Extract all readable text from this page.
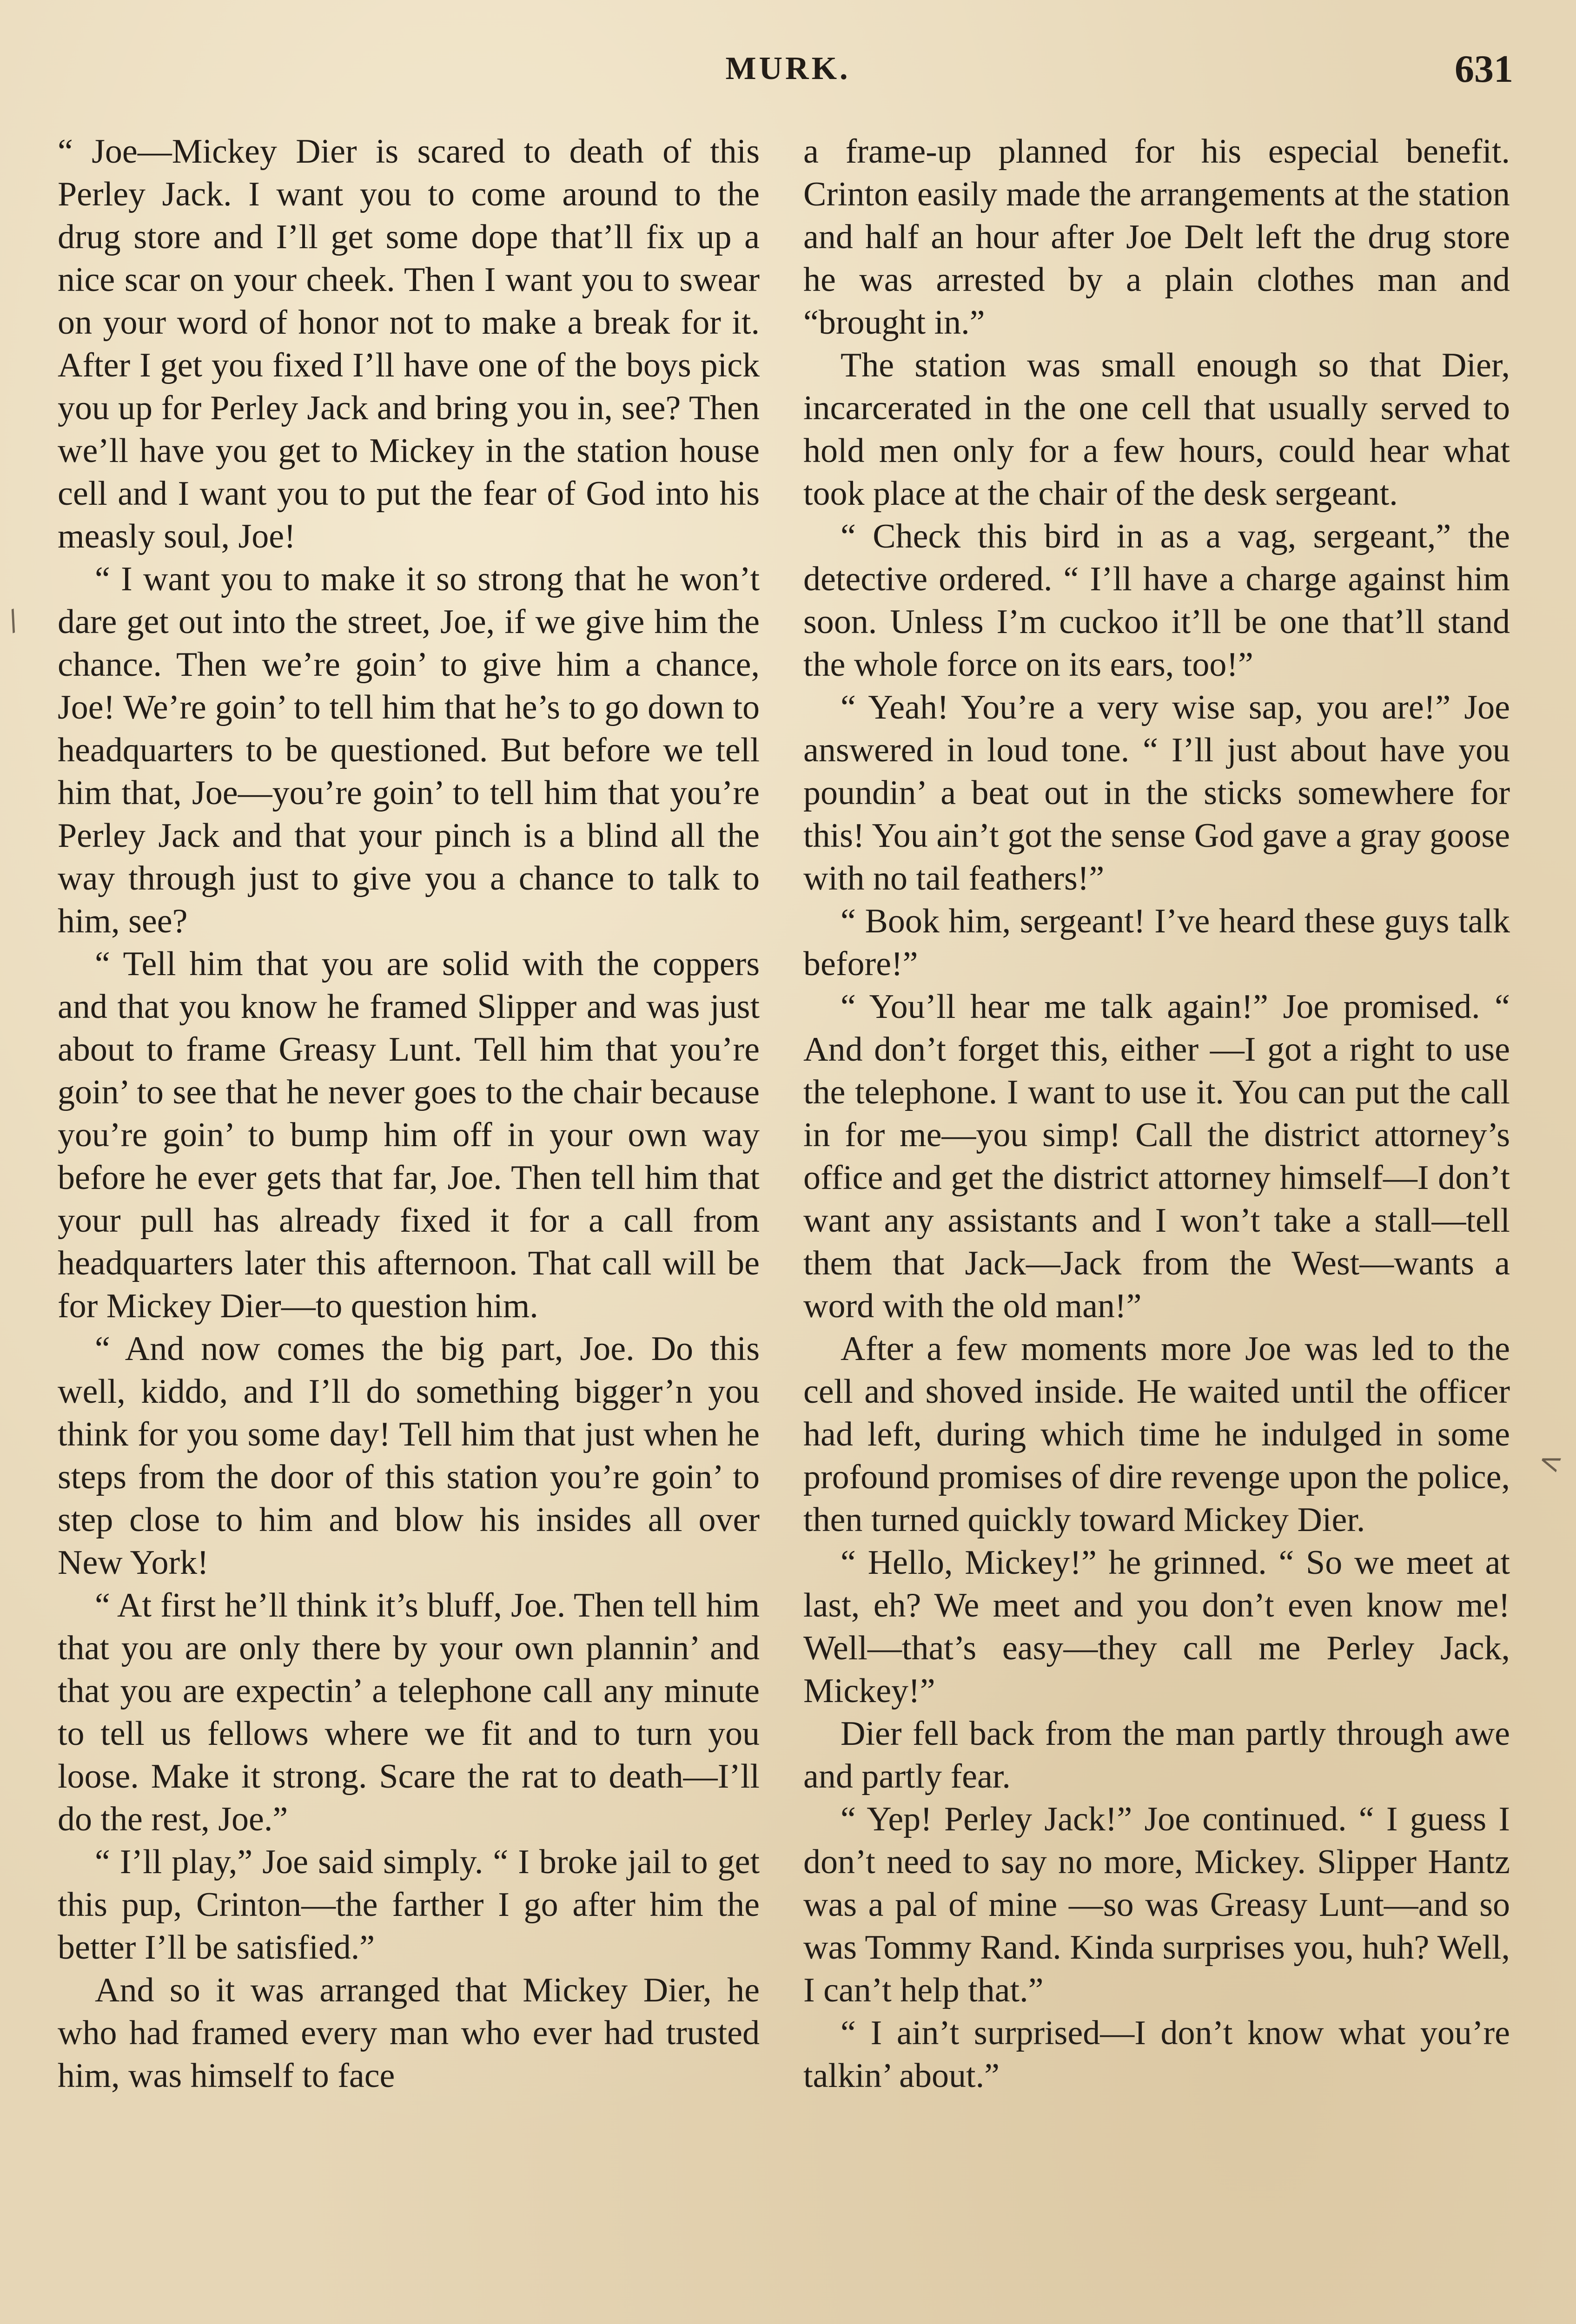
MURK.	631

“ Joe—Mickey Dier is scared to death of this Perley Jack. I want you to come around to the drug store and I’ll get some dope that’ll fix up a nice scar on your cheek. Then I want you to swear on your word of honor not to make a break for it. After I get you fixed I’ll have one of the boys pick you up for Perley Jack and bring you in, see? Then we’ll have you get to Mickey in the station house cell and I want you to put the fear of God into his measly soul, Joe!

“ I want you to make it so strong that he won’t dare get out into the street, Joe, if we give him the chance. Then we’re goin’ to give him a chance, Joe! We’re goin’ to tell him that he’s to go down to headquarters to be questioned. But before we tell him that, Joe—you’re goin’ to tell him that you’re Perley Jack and that your pinch is a blind all the way through just to give you a chance to talk to him, see?

“ Tell him that you are solid with the coppers and that you know he framed Slipper and was just about to frame Greasy Lunt. Tell him that you’re goin’ to see that he never goes to the chair because you’re goin’ to bump him off in your own way before he ever gets that far, Joe. Then tell him that your pull has already fixed it for a call from headquarters later this afternoon. That call will be for Mickey Dier—to question him.

“ And now comes the big part, Joe. Do this well, kiddo, and I’ll do something bigger’n you think for you some day! Tell him that just when he steps from the door of this station you’re goin’ to step close to him and blow his insides all over New York!

“ At first he’ll think it’s bluff, Joe. Then tell him that you are only there by your own plannin’ and that you are expectin’ a telephone call any minute to tell us fellows where we fit and to turn you loose. Make it strong. Scare the rat to death—I’ll do the rest, Joe.”

“ I’ll play,” Joe said simply. “ I broke jail to get this pup, Crinton—the farther I go after him the better I’ll be satisfied.”

And so it was arranged that Mickey Dier, he who had framed every man who ever had trusted him, was himself to face

a frame-up planned for his especial benefit. Crinton easily made the arrangements at the station and half an hour after Joe Delt left the drug store he was arrested by a plain clothes man and “brought in.”

The station was small enough so that Dier, incarcerated in the one cell that usually served to hold men only for a few hours, could hear what took place at the chair of the desk sergeant.

“ Check this bird in as a vag, sergeant,” the detective ordered. “ I’ll have a charge against him soon. Unless I’m cuckoo it’ll be one that’ll stand the whole force on its ears, too!”

“ Yeah! You’re a very wise sap, you are!” Joe answered in loud tone. “ I’ll just about have you poundin’ a beat out in the sticks somewhere for this! You ain’t got the sense God gave a gray goose with no tail feathers!”

“ Book him, sergeant! I’ve heard these guys talk before!”

“ You’ll hear me talk again!” Joe promised. “ And don’t forget this, either —I got a right to use the telephone. I want to use it. You can put the call in for me—you simp! Call the district attorney’s office and get the district attorney himself—I don’t want any assistants and I won’t take a stall—tell them that Jack—Jack from the West—wants a word with the old man!”

After a few moments more Joe was led to the cell and shoved inside. He waited until the officer had left, during which time he indulged in some profound promises of dire revenge upon the police, then turned quickly toward Mickey Dier.

“ Hello, Mickey!” he grinned. “ So we meet at last, eh? We meet and you don’t even know me! Well—that’s easy—they call me Perley Jack, Mickey!”

Dier fell back from the man partly through awe and partly fear.

“ Yep! Perley Jack!” Joe continued. “ I guess I don’t need to say no more, Mickey. Slipper Hantz was a pal of mine —so was Greasy Lunt—and so was Tommy Rand. Kinda surprises you, huh? Well, I can’t help that.”

“ I ain’t surprised—I don’t know what you’re talkin’ about.”

/
<
